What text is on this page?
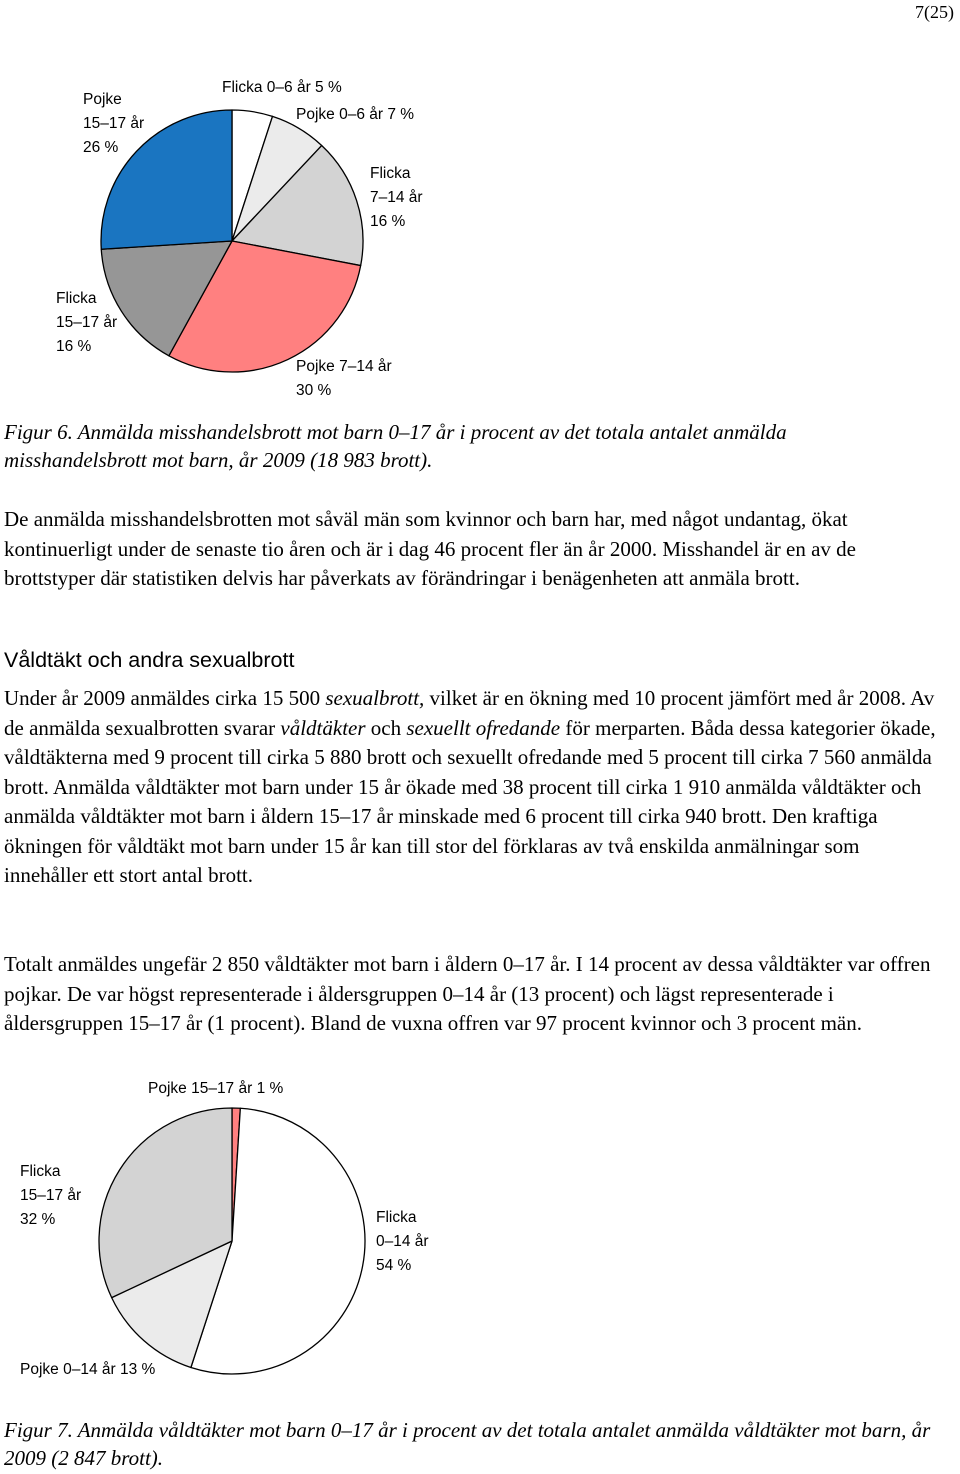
7(25)
Flicka 0–6 år 5 %
Pojke 0–6 år 7 %
Flicka
7–14 år
16 %
Pojke 7–14 år
30 %
Flicka
15–17 år
16 %
Pojke
15–17 år
26 %
Figur 6. Anmälda misshandelsbrott mot barn 0–17 år i procent av det totala antalet anmälda misshandelsbrott mot barn, år 2009 (18 983 brott).

De anmälda misshandelsbrotten mot såväl män som kvinnor och barn har, med något undantag, ökat kontinuerligt under de senaste tio åren och är i dag 46 procent fler än år 2000. Misshandel är en av de brottstyper där statistiken delvis har påverkats av förändringar i benägenheten att anmäla brott.

Våldtäkt och andra sexualbrott

Under år 2009 anmäldes cirka 15 500 sexualbrott, vilket är en ökning med 10 procent jämfört med år 2008. Av de anmälda sexualbrotten svarar våldtäkter och sexuellt ofredande för merparten. Båda dessa kategorier ökade, våldtäkterna med 9 procent till cirka 5 880 brott och sexuellt ofredande med 5 procent till cirka 7 560 anmälda brott. Anmälda våldtäkter mot barn under 15 år ökade med 38 procent till cirka 1 910 anmälda våldtäkter och anmälda våldtäkter mot barn i åldern 15–17 år minskade med 6 procent till cirka 940 brott. Den kraftiga ökningen för våldtäkt mot barn under 15 år kan till stor del förklaras av två enskilda anmälningar som innehåller ett stort antal brott.

Totalt anmäldes ungefär 2 850 våldtäkter mot barn i åldern 0–17 år. I 14 procent av dessa våldtäkter var offren pojkar. De var högst representerade i åldersgruppen 0–14 år (13 procent) och lägst representerade i åldersgruppen 15–17 år (1 procent). Bland de vuxna offren var 97 procent kvinnor och 3 procent män.

Pojke 15–17 år 1 %
Flicka
0–14 år
54 %
Pojke 0–14 år 13 %
Flicka
15–17 år
32 %
Figur 7. Anmälda våldtäkter mot barn 0–17 år i procent av det totala antalet anmälda våldtäkter mot barn, år 2009 (2 847 brott).
